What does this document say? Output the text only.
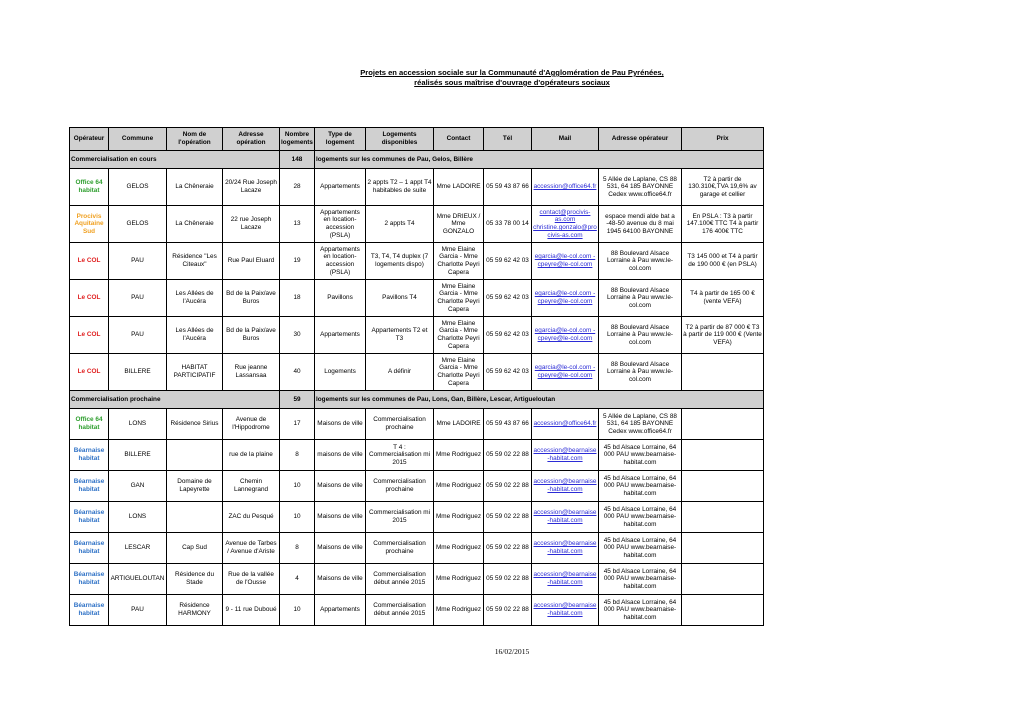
Projets en accession sociale sur la Communauté d'Agglomération de Pau Pyrénées,
réalisés sous maîtrise d'ouvrage d'opérateurs sociaux
Opérateur	Commune	Nom de l'opération	Adresse opération	Nombre logements	Type de logement	Logements disponibles	Contact	Tél	Mail	Adresse opérateur	Prix
Commercialisation en cours				148	logements sur les communes de Pau, Gelos, Billère						
Office 64 habitat	GELOS	La Chêneraie	20/24 Rue Joseph Lacaze	28	Appartements	2 appts T2 – 1 appt T4 habitables de suite	Mme LADOIRE	05 59 43 87 66	accession@office64.fr	5 Allée de Laplane, CS 88 531, 64 185 BAYONNE Cedex www.office64.fr	T2 à partir de 130.310€,TVA 19,6% av garage et cellier
Procivis Aquitaine Sud	GELOS	La Chêneraie	22 rue Joseph Lacaze	13	Appartements en location-accession (PSLA)	2 appts T4	Mme DRIEUX / Mme GONZALO	05 33 78 00 14	contact@procivis-as.com christine.gonzalo@procivis-as.com	espace mendi alde bat a -48-50 avenue du 8 mai 1945 64100 BAYONNE	En PSLA : T3 à partir 147.100€ TTC T4 à partir 176 400€ TTC
Le COL	PAU	Résidence "Les Citeaux"	Rue Paul Eluard	19	Appartements en location-accession (PSLA)	T3, T4, T4 duplex (7 logements dispo)	Mme Elaine Garcia - Mme Charlotte Peyri Capera	05 59 62 42 03	egarcia@le-col.com - cpeyre@le-col.com	88 Boulevard Alsace Lorraine à Pau www.le-col.com	T3 145 000 et T4 à partir de 190 000 € (en PSLA)
Le COL	PAU	Les Allées de l'Aucéra	Bd de la Paix/ave Buros	18	Pavillons	Pavillons T4	Mme Elaine Garcia - Mme Charlotte Peyri Capera	05 59 62 42 03	egarcia@le-col.com - cpeyre@le-col.com	88 Boulevard Alsace Lorraine à Pau www.le-col.com	T4 à partir de 165 00 € (vente VEFA)
Le COL	PAU	Les Allées de l'Aucéra	Bd de la Paix/ave Buros	30	Appartements	Appartements T2 et T3	Mme Elaine Garcia - Mme Charlotte Peyri Capera	05 59 62 42 03	egarcia@le-col.com - cpeyre@le-col.com	88 Boulevard Alsace Lorraine à Pau www.le-col.com	T2 à partir de 87 000 € T3 à partir de 119 000 € (Vente VEFA)
Le COL	BILLERE	HABITAT PARTICIPATIF	Rue jeanne Lassansaa	40	Logements	A définir	Mme Elaine Garcia - Mme Charlotte Peyri Capera	05 59 62 42 03	egarcia@le-col.com - cpeyre@le-col.com	88 Boulevard Alsace Lorraine à Pau www.le-col.com	
Commercialisation prochaine				59	logements sur les communes de Pau, Lons, Gan, Billère, Lescar, Artigueloutan						
Office 64 habitat	LONS	Résidence Sirius	Avenue de l'Hippodrome	17	Maisons de ville	Commercialisation prochaine	Mme LADOIRE	05 59 43 87 66	accession@office64.fr	5 Allée de Laplane, CS 88 531, 64 185 BAYONNE Cedex www.office64.fr	
Béarnaise habitat	BILLERE		rue de la plaine	8	maisons de ville	T 4 : Commercialisation mi 2015	Mme Rodriguez	05 59 02 22 88	accession@bearnaise-habitat.com	45 bd Alsace Lorraine, 64 000 PAU www.bearnaise-habitat.com	
Béarnaise habitat	GAN	Domaine de Lapeyrette	Chemin Lannegrand	10	Maisons de ville	Commercialisation prochaine	Mme Rodriguez	05 59 02 22 88	accession@bearnaise-habitat.com	45 bd Alsace Lorraine, 64 000 PAU www.bearnaise-habitat.com	
Béarnaise habitat	LONS		ZAC du Pesqué	10	Maisons de ville	Commercialisation mi 2015	Mme Rodriguez	05 59 02 22 88	accession@bearnaise-habitat.com	45 bd Alsace Lorraine, 64 000 PAU www.bearnaise-habitat.com	
Béarnaise habitat	LESCAR	Cap Sud	Avenue de Tarbes / Avenue d'Ariste	8	Maisons de ville	Commercialisation prochaine	Mme Rodriguez	05 59 02 22 88	accession@bearnaise-habitat.com	45 bd Alsace Lorraine, 64 000 PAU www.bearnaise-habitat.com	
Béarnaise habitat	ARTIGUELOUTAN	Résidence du Stade	Rue de la vallée de l'Ousse	4	Maisons de ville	Commercialisation début année 2015	Mme Rodriguez	05 59 02 22 88	accession@bearnaise-habitat.com	45 bd Alsace Lorraine, 64 000 PAU www.bearnaise-habitat.com	
Béarnaise habitat	PAU	Résidence HARMONY	9 - 11 rue Duboué	10	Appartements	Commercialisation début année 2015	Mme Rodriguez	05 59 02 22 88	accession@bearnaise-habitat.com	45 bd Alsace Lorraine, 64 000 PAU www.bearnaise-habitat.com	
16/02/2015
